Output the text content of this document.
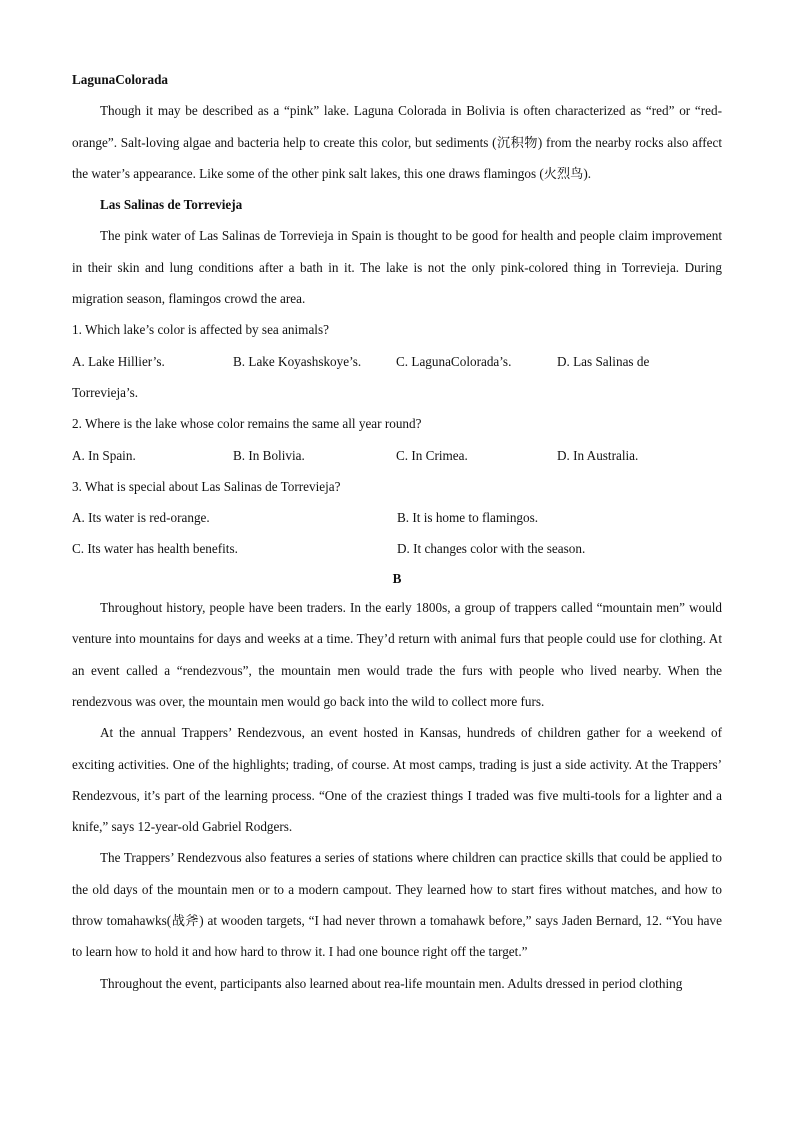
LagunaColorada

Though it may be described as a “pink” lake. Laguna Colorada in Bolivia is often characterized as “red” or “red-orange”. Salt-loving algae and bacteria help to create this color, but sediments (沉积物) from the nearby rocks also affect the water’s appearance. Like some of the other pink salt lakes, this one draws flamingos (火烈鸟).

Las Salinas de Torrevieja

The pink water of Las Salinas de Torrevieja in Spain is thought to be good for health and people claim improvement in their skin and lung conditions after a bath in it. The lake is not the only pink-colored thing in Torrevieja. During migration season, flamingos crowd the area.

1. Which lake’s color is affected by sea animals?

A. Lake Hillier’s.	B. Lake Koyashskoye’s.	C. LagunaColorada’s.	D. Las Salinas de

Torrevieja’s.

2. Where is the lake whose color remains the same all year round?

A. In Spain.	B. In Bolivia.	C. In Crimea.	D. In Australia.

3. What is special about Las Salinas de Torrevieja?

A. Its water is red-orange.	B. It is home to flamingos.
C. Its water has health benefits.	D. It changes color with the season.

B

Throughout history, people have been traders. In the early 1800s, a group of trappers called “mountain men” would venture into mountains for days and weeks at a time. They’d return with animal furs that people could use for clothing. At an event called a “rendezvous”, the mountain men would trade the furs with people who lived nearby. When the rendezvous was over, the mountain men would go back into the wild to collect more furs.

At the annual Trappers’ Rendezvous, an event hosted in Kansas, hundreds of children gather for a weekend of exciting activities. One of the highlights; trading, of course. At most camps, trading is just a side activity. At the Trappers’ Rendezvous, it’s part of the learning process. “One of the craziest things I traded was five multi-tools for a lighter and a knife,” says 12-year-old Gabriel Rodgers.

The Trappers’ Rendezvous also features a series of stations where children can practice skills that could be applied to the old days of the mountain men or to a modern campout. They learned how to start fires without matches, and how to throw tomahawks(战斧) at wooden targets, “I had never thrown a tomahawk before,” says Jaden Bernard, 12. “You have to learn how to hold it and how hard to throw it. I had one bounce right off the target.”

Throughout the event, participants also learned about rea-life mountain men. Adults dressed in period clothing
